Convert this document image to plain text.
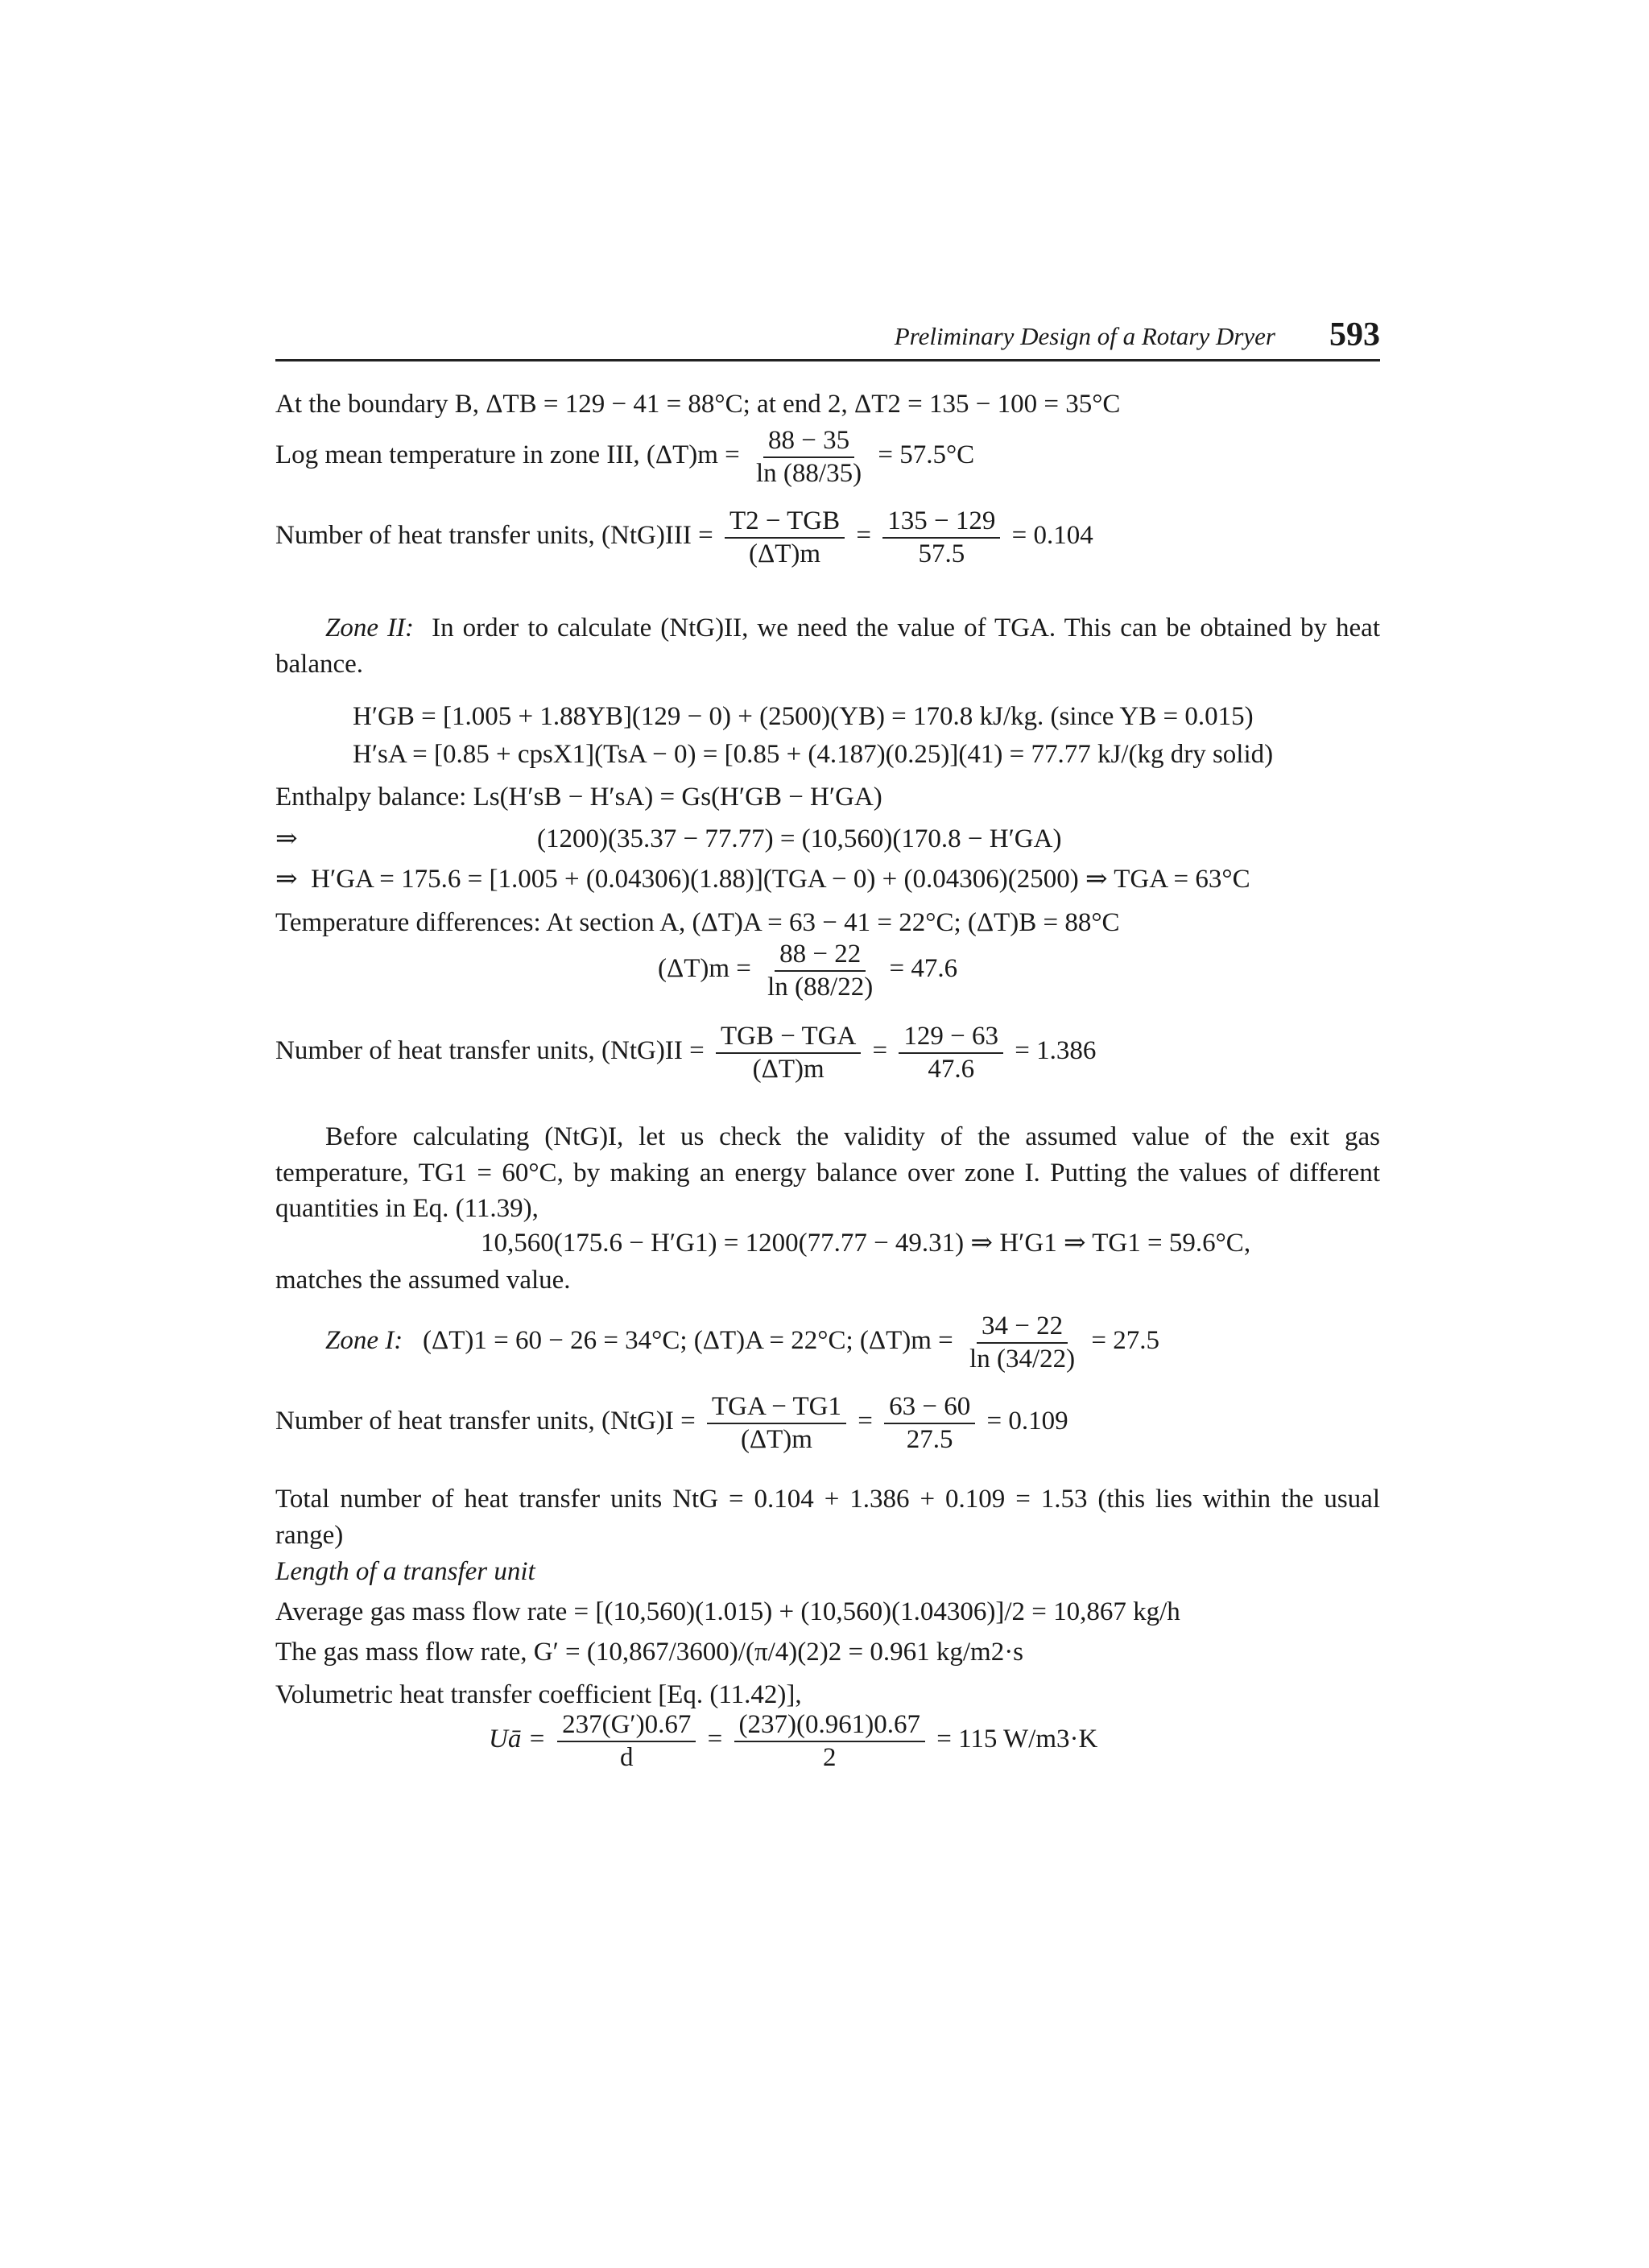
Preliminary Design of a Rotary Dryer 593
At the boundary B, ΔTB = 129 − 41 = 88°C; at end 2, ΔT2 = 135 − 100 = 35°C
Log mean temperature in zone III, $(\Delta T)m = \frac{88 - 35}{\ln (88/35)} = 57.5^\circ C$
Number of heat transfer units, $(NtG)III = \frac{\text{T2 − TGB}}{(\Delta T)m} = \frac{135 - 129}{57.5} = 0.104$
Zone II: In order to calculate (NtG)II, we need the value of TGA. This can be obtained by heat balance.
H′GB = [1.005 + 1.88YB](129 − 0) + (2500)(YB) = 170.8 kJ/kg. (since YB = 0.015)
H′sA = [0.85 + cpsX1](TsA − 0) = [0.85 + (4.187)(0.25)](41) = 77.77 kJ/(kg dry solid)
Enthalpy balance: Ls(H′sB − H′sA) = Gs(H′GB − H′GA)
⇒	(1200)(35.37 − 77.77) = (10,560)(170.8 − H′GA)
⇒ H′GA = 175.6 = [1.005 + (0.04306)(1.88)](TGA − 0) + (0.04306)(2500) ⇒ TGA = 63°C
Temperature differences: At section A, (ΔT)A = 63 − 41 = 22°C; (ΔT)B = 88°C
$(\Delta T)m = \frac{88 - 22}{\ln (88/22)} = 47.6$
Number of heat transfer units, $(NtG)II = \frac{\text{TGB − TGA}}{(\Delta T)m} = \frac{129 - 63}{47.6} = 1.386$
Before calculating (NtG)I, let us check the validity of the assumed value of the exit gas temperature, TG1 = 60°C, by making an energy balance over zone I. Putting the values of different quantities in Eq. (11.39),
10,560(175.6 − H′G1) = 1200(77.77 − 49.31) ⇒ H′G1 ⇒ TG1 = 59.6°C,
matches the assumed value.
Zone I: (ΔT)1 = 60 − 26 = 34°C; (ΔT)A = 22°C; $(\Delta T)m = \frac{34 - 22}{\ln (34/22)} = 27.5$
Number of heat transfer units, $(NtG)I = \frac{\text{TGA − TG1}}{(\Delta T)m} = \frac{63 - 60}{27.5} = 0.109$
Total number of heat transfer units NtG = 0.104 + 1.386 + 0.109 = 1.53 (this lies within the usual range)
Length of a transfer unit
Average gas mass flow rate = [(10,560)(1.015) + (10,560)(1.04306)]/2 = 10,867 kg/h
The gas mass flow rate, G′ = (10,867/3600)/(π/4)(2)2 = 0.961 kg/m2·s
Volumetric heat transfer coefficient [Eq. (11.42)],
Uā = $\frac{237(G')0.67}{d} = \frac{(237)(0.961)0.67}{2} = 115$ W/m3·K
